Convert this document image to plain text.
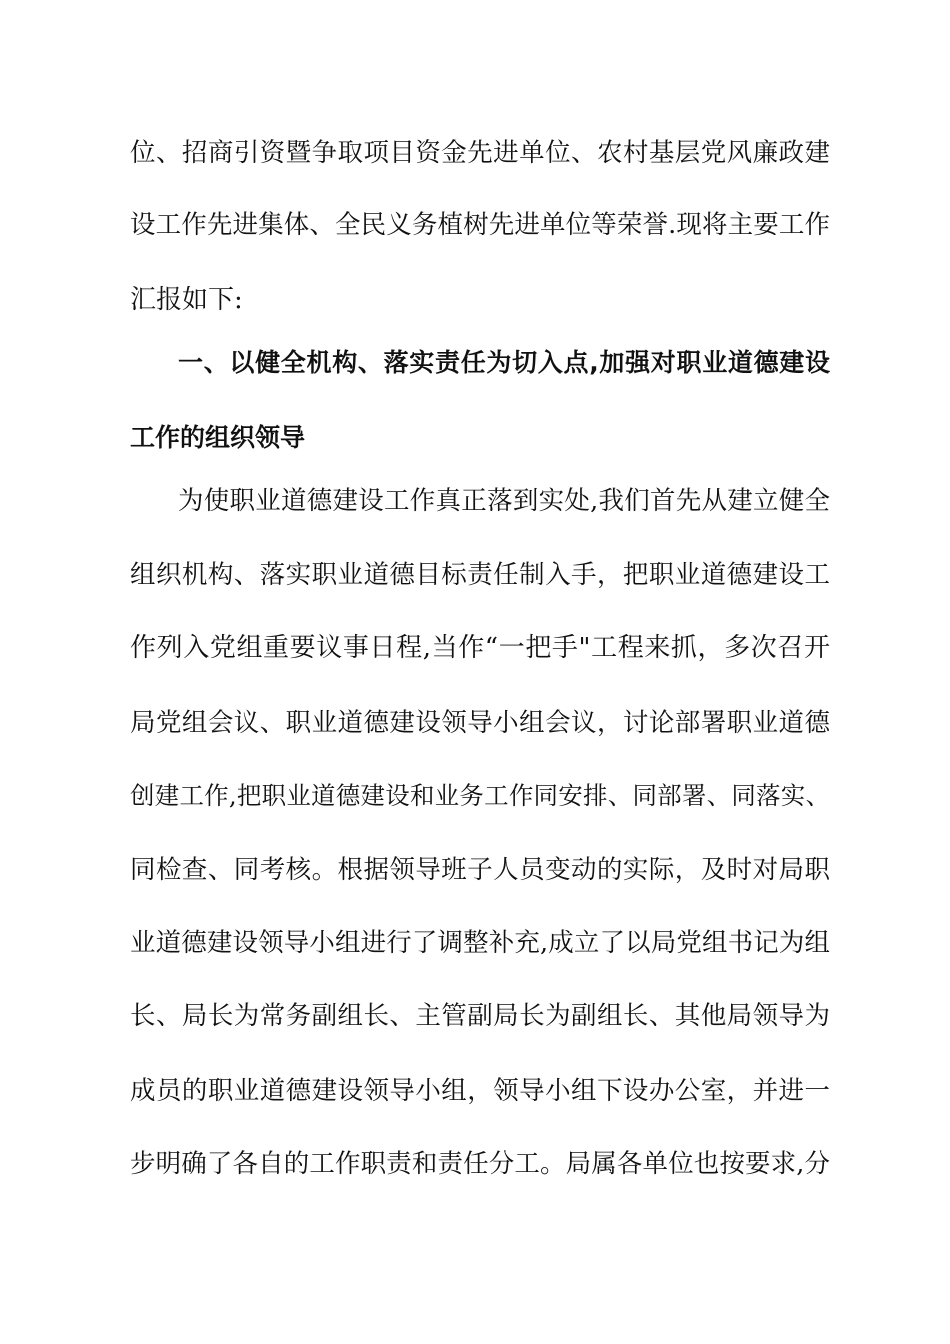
位、招商引资暨争取项目资金先进单位、农村基层党风廉政建
设工作先进集体、全民义务植树先进单位等荣誉.现将主要工作
汇报如下:
一、以健全机构、落实责任为切入点,加强对职业道德建设
工作的组织领导
为使职业道德建设工作真正落到实处,我们首先从建立健全
组织机构、落实职业道德目标责任制入手，把职业道德建设工
作列入党组重要议事日程,当作“一把手"工程来抓，多次召开
局党组会议、职业道德建设领导小组会议，讨论部署职业道德
创建工作,把职业道德建设和业务工作同安排、同部署、同落实、
同检查、同考核。根据领导班子人员变动的实际，及时对局职
业道德建设领导小组进行了调整补充,成立了以局党组书记为组
长、局长为常务副组长、主管副局长为副组长、其他局领导为
成员的职业道德建设领导小组，领导小组下设办公室，并进一
步明确了各自的工作职责和责任分工。局属各单位也按要求,分
